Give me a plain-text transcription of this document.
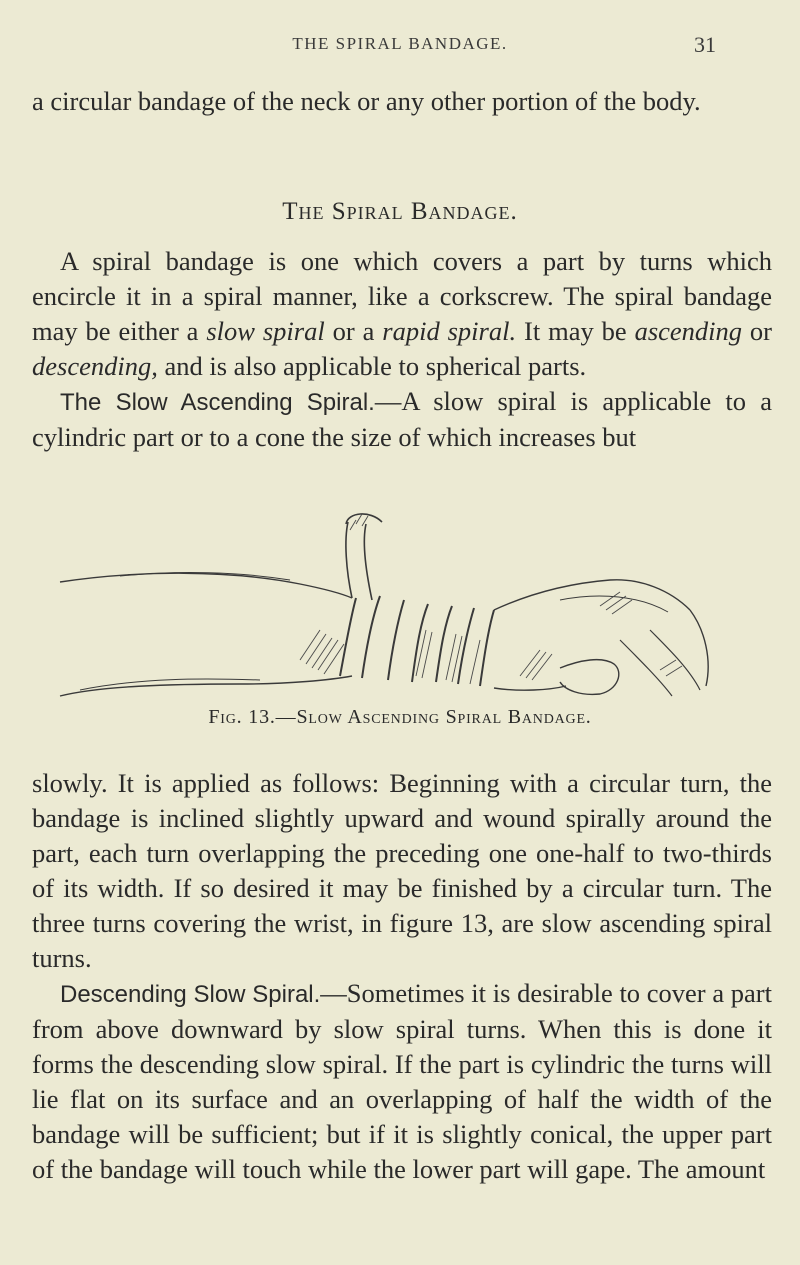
THE SPIRAL BANDAGE.	31

a circular bandage of the neck or any other portion of the body.

The Spiral Bandage.

A spiral bandage is one which covers a part by turns which encircle it in a spiral manner, like a corkscrew. The spiral bandage may be either a slow spiral or a rapid spiral. It may be ascending or descending, and is also applicable to spherical parts.

The Slow Ascending Spiral.—A slow spiral is applicable to a cylindric part or to a cone the size of which increases but

Fig. 13.—Slow Ascending Spiral Bandage.

slowly. It is applied as follows: Beginning with a circular turn, the bandage is inclined slightly upward and wound spirally around the part, each turn overlapping the preceding one one-half to two-thirds of its width. If so desired it may be finished by a circular turn. The three turns covering the wrist, in figure 13, are slow ascending spiral turns.

Descending Slow Spiral.—Sometimes it is desirable to cover a part from above downward by slow spiral turns. When this is done it forms the descending slow spiral. If the part is cylindric the turns will lie flat on its surface and an overlapping of half the width of the bandage will be sufficient; but if it is slightly conical, the upper part of the bandage will touch while the lower part will gape. The amount
